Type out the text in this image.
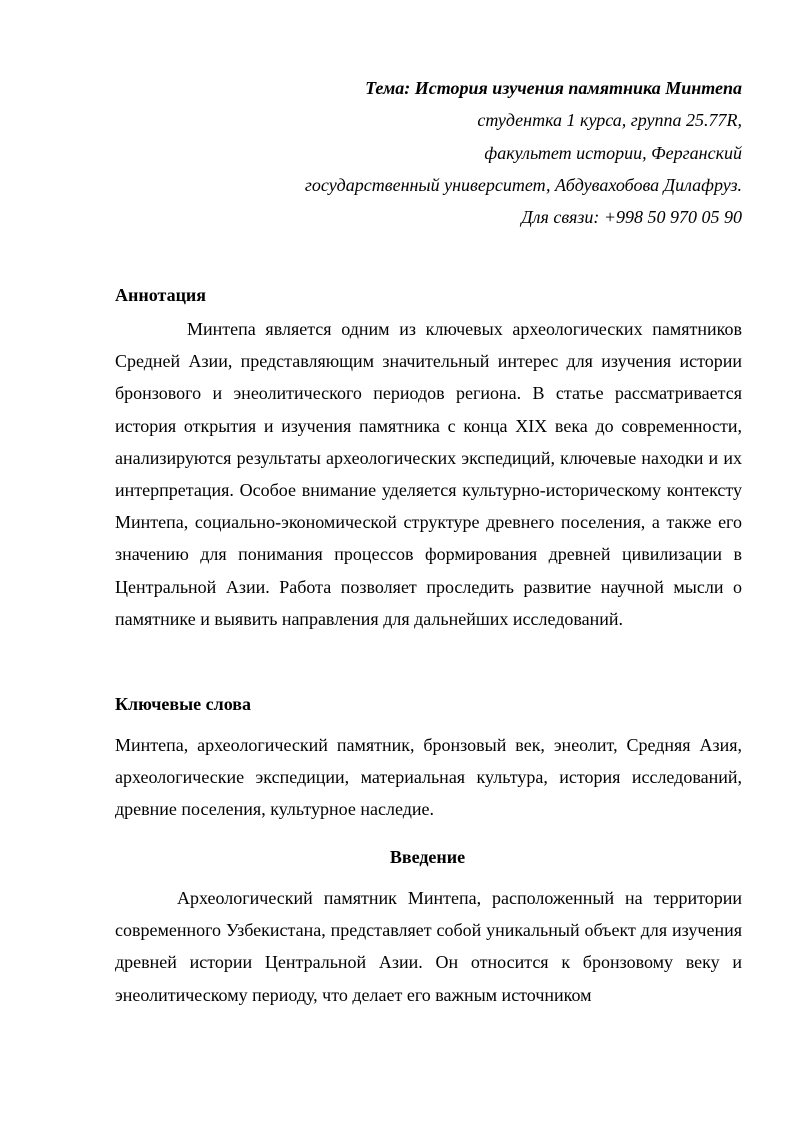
Тема: История изучения памятника Минтепа

студентка 1 курса, группа 25.77R,

факультет истории, Ферганский

государственный университет, Абдувахобова Дилафруз.

Для связи: +998 50 970 05 90

Аннотация

Минтепа является одним из ключевых археологических памятников Средней Азии, представляющим значительный интерес для изучения истории бронзового и энеолитического периодов региона. В статье рассматривается история открытия и изучения памятника с конца XIX века до современности, анализируются результаты археологических экспедиций, ключевые находки и их интерпретация. Особое внимание уделяется культурно-историческому контексту Минтепа, социально-экономической структуре древнего поселения, а также его значению для понимания процессов формирования древней цивилизации в Центральной Азии. Работа позволяет проследить развитие научной мысли о памятнике и выявить направления для дальнейших исследований.

Ключевые слова

Минтепа, археологический памятник, бронзовый век, энеолит, Средняя Азия, археологические экспедиции, материальная культура, история исследований, древние поселения, культурное наследие.

Введение

Археологический памятник Минтепа, расположенный на территории современного Узбекистана, представляет собой уникальный объект для изучения древней истории Центральной Азии. Он относится к бронзовому веку и энеолитическому периоду, что делает его важным источником
